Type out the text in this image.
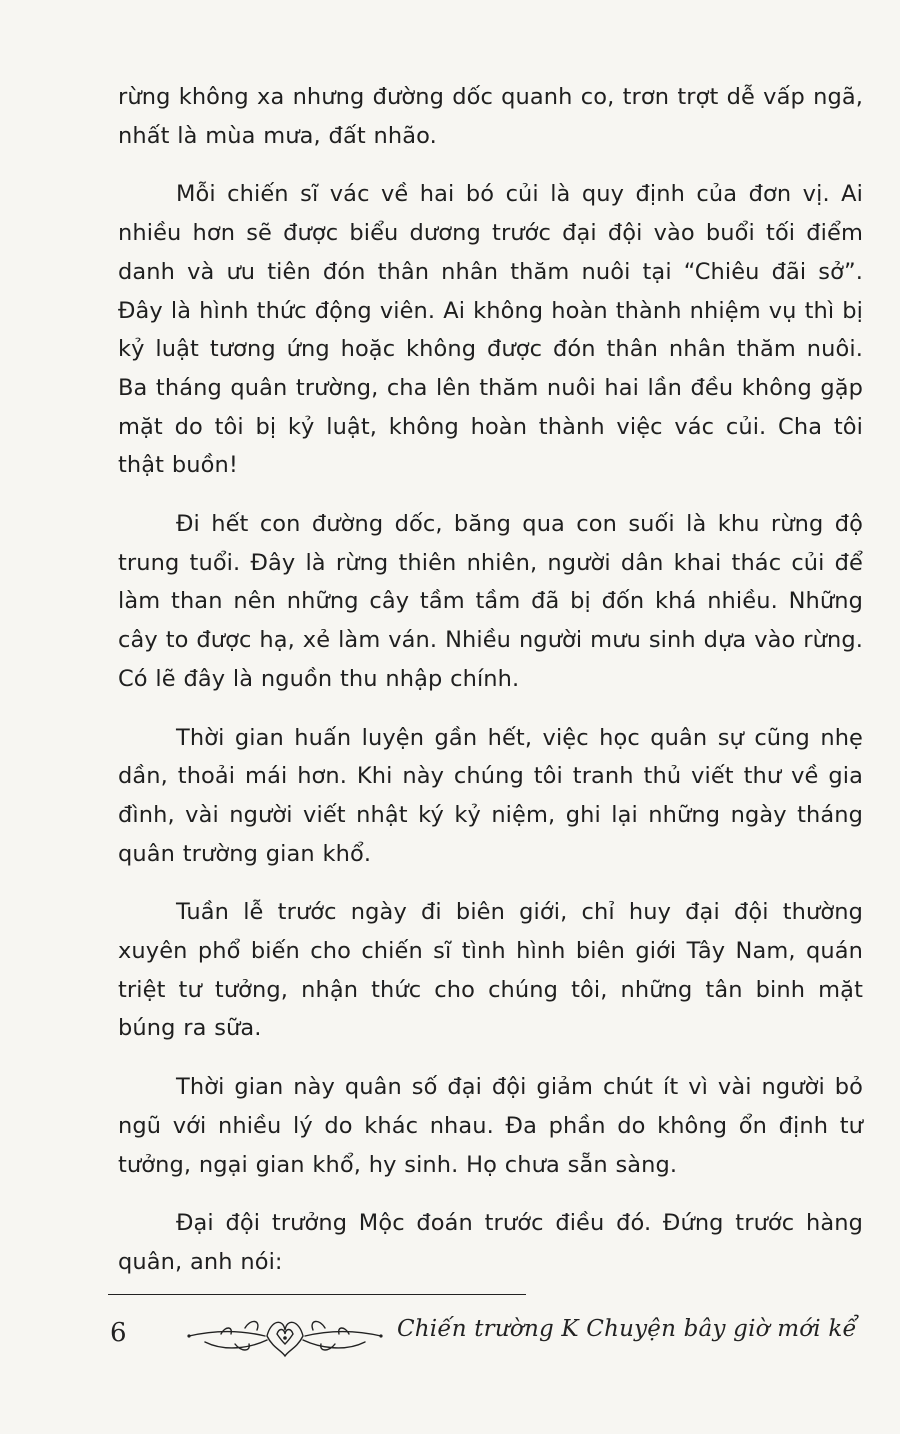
rừng không xa nhưng đường dốc quanh co, trơn trợt dễ vấp ngã, nhất là mùa mưa, đất nhão.

Mỗi chiến sĩ vác về hai bó củi là quy định của đơn vị. Ai nhiều hơn sẽ được biểu dương trước đại đội vào buổi tối điểm danh và ưu tiên đón thân nhân thăm nuôi tại “Chiêu đãi sở”. Đây là hình thức động viên. Ai không hoàn thành nhiệm vụ thì bị kỷ luật tương ứng hoặc không được đón thân nhân thăm nuôi. Ba tháng quân trường, cha lên thăm nuôi hai lần đều không gặp mặt do tôi bị kỷ luật, không hoàn thành việc vác củi. Cha tôi thật buồn!

Đi hết con đường dốc, băng qua con suối là khu rừng độ trung tuổi. Đây là rừng thiên nhiên, người dân khai thác củi để làm than nên những cây tầm tầm đã bị đốn khá nhiều. Những cây to được hạ, xẻ làm ván. Nhiều người mưu sinh dựa vào rừng. Có lẽ đây là nguồn thu nhập chính.

Thời gian huấn luyện gần hết, việc học quân sự cũng nhẹ dần, thoải mái hơn. Khi này chúng tôi tranh thủ viết thư về gia đình, vài người viết nhật ký kỷ niệm, ghi lại những ngày tháng quân trường gian khổ.

Tuần lễ trước ngày đi biên giới, chỉ huy đại đội thường xuyên phổ biến cho chiến sĩ tình hình biên giới Tây Nam, quán triệt tư tưởng, nhận thức cho chúng tôi, những tân binh mặt búng ra sữa.

Thời gian này quân số đại đội giảm chút ít vì vài người bỏ ngũ với nhiều lý do khác nhau. Đa phần do không ổn định tư tưởng, ngại gian khổ, hy sinh. Họ chưa sẵn sàng.

Đại đội trưởng Mộc đoán trước điều đó. Đứng trước hàng quân, anh nói:

6	Chiến trường K Chuyện bây giờ mới kể
